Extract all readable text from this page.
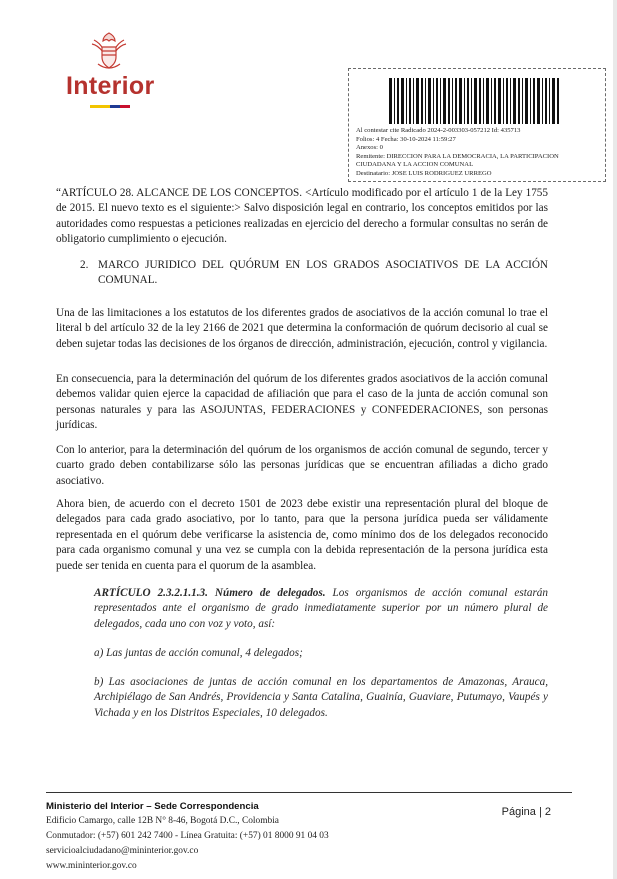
Interior
Al contestar cite Radicado 2024-2-003303-057212 Id: 435713
Folios: 4 Fecha: 30-10-2024 11:59:27
Anexos: 0
Remitente: DIRECCION PARA LA DEMOCRACIA, LA PARTICIPACION
CIUDADANA Y LA ACCION COMUNAL
Destinatario: JOSE LUIS RODRIGUEZ URREGO
“ARTÍCULO 28. ALCANCE DE LOS CONCEPTOS. <Artículo modificado por el artículo 1 de la Ley 1755 de 2015. El nuevo texto es el siguiente:> Salvo disposición legal en contrario, los conceptos emitidos por las autoridades como respuestas a peticiones realizadas en ejercicio del derecho a formular consultas no serán de obligatorio cumplimiento o ejecución.
2. MARCO JURIDICO DEL QUÓRUM EN LOS GRADOS ASOCIATIVOS DE LA ACCIÓN COMUNAL.
Una de las limitaciones a los estatutos de los diferentes grados de asociativos de la acción comunal lo trae el literal b del artículo 32 de la ley 2166 de 2021 que determina la conformación de quórum decisorio al cual se deben sujetar todas las decisiones de los órganos de dirección, administración, ejecución, control y vigilancia.
En consecuencia, para la determinación del quórum de los diferentes grados asociativos de la acción comunal debemos validar quien ejerce la capacidad de afiliación que para el caso de la junta de acción comunal son personas naturales y para las ASOJUNTAS, FEDERACIONES y CONFEDERACIONES, son personas jurídicas.
Con lo anterior, para la determinación del quórum de los organismos de acción comunal de segundo, tercer y cuarto grado deben contabilizarse sólo las personas jurídicas que se encuentran afiliadas a dicho grado asociativo.
Ahora bien, de acuerdo con el decreto 1501 de 2023 debe existir una representación plural del bloque de delegados para cada grado asociativo, por lo tanto, para que la persona jurídica pueda ser válidamente representada en el quórum debe verificarse la asistencia de, como mínimo dos de los delegados reconocido para cada organismo comunal y una vez se cumpla con la debida representación de la persona jurídica esta puede ser tenida en cuenta para el quorum de la asamblea.
ARTÍCULO 2.3.2.1.1.3. Número de delegados. Los organismos de acción comunal estarán representados ante el organismo de grado inmediatamente superior por un número plural de delegados, cada uno con voz y voto, así:
a) Las juntas de acción comunal, 4 delegados;
b) Las asociaciones de juntas de acción comunal en los departamentos de Amazonas, Arauca, Archipiélago de San Andrés, Providencia y Santa Catalina, Guainía, Guaviare, Putumayo, Vaupés y Vichada y en los Distritos Especiales, 10 delegados.
Ministerio del Interior – Sede Correspondencia
Edificio Camargo, calle 12B N° 8-46, Bogotá D.C., Colombia
Conmutador: (+57) 601 242 7400 - Línea Gratuita: (+57) 01 8000 91 04 03
servicioalciudadano@mininterior.gov.co
www.mininterior.gov.co
Página | 2
